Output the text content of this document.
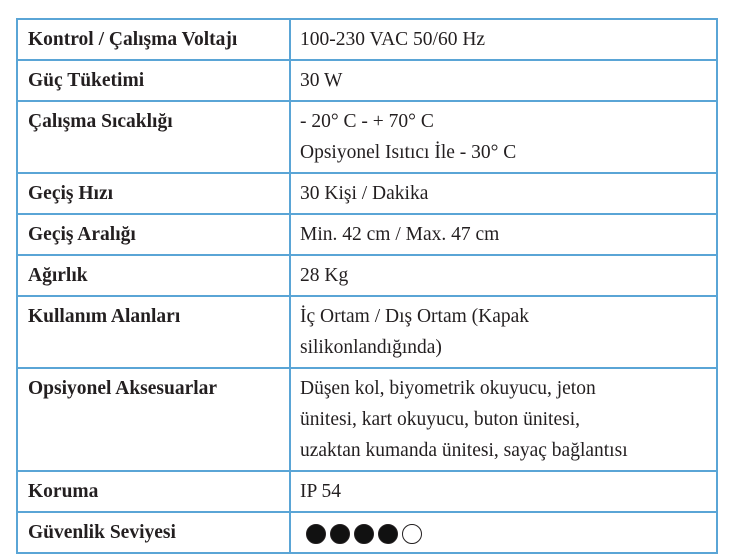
Kontrol / Çalışma Voltajı	100-230 VAC 50/60 Hz

Güç Tüketimi	30 W

Çalışma Sıcaklığı	- 20° C - + 70° C
Opsiyonel Isıtıcı İle - 30° C

Geçiş Hızı	30 Kişi / Dakika

Geçiş Aralığı	Min. 42 cm / Max. 47 cm

Ağırlık	28 Kg

Kullanım Alanları	İç Ortam / Dış Ortam (Kapak
silikonlandığında)

Opsiyonel Aksesuarlar	Düşen kol, biyometrik okuyucu, jeton
ünitesi, kart okuyucu, buton ünitesi,
uzaktan kumanda ünitesi, sayaç bağlantısı

Koruma	IP 54

Güvenlik Seviyesi	
